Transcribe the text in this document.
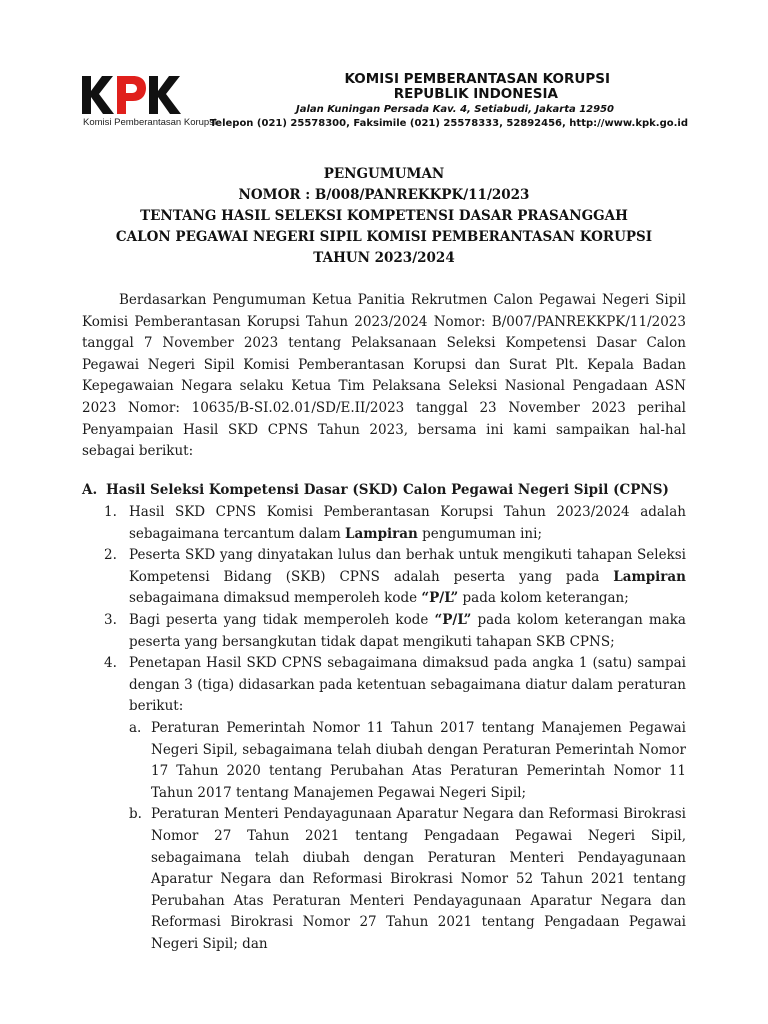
Komisi Pemberantasan Korupsi
KOMISI PEMBERANTASAN KORUPSI
REPUBLIK INDONESIA
Jalan Kuningan Persada Kav. 4, Setiabudi, Jakarta 12950
Telepon (021) 25578300, Faksimile (021) 25578333, 52892456, http://www.kpk.go.id
PENGUMUMAN
NOMOR : B/008/PANREKKPK/11/2023
TENTANG HASIL SELEKSI KOMPETENSI DASAR PRASANGGAH
CALON PEGAWAI NEGERI SIPIL KOMISI PEMBERANTASAN KORUPSI
TAHUN 2023/2024

Berdasarkan Pengumuman Ketua Panitia Rekrutmen Calon Pegawai Negeri Sipil Komisi Pemberantasan Korupsi Tahun 2023/2024 Nomor: B/007/PANREKKPK/11/2023 tanggal 7 November 2023 tentang Pelaksanaan Seleksi Kompetensi Dasar Calon Pegawai Negeri Sipil Komisi Pemberantasan Korupsi dan Surat Plt. Kepala Badan Kepegawaian Negara selaku Ketua Tim Pelaksana Seleksi Nasional Pengadaan ASN 2023 Nomor: 10635/B-SI.02.01/SD/E.II/2023 tanggal 23 November 2023 perihal Penyampaian Hasil SKD CPNS Tahun 2023, bersama ini kami sampaikan hal-hal sebagai berikut:

A. Hasil Seleksi Kompetensi Dasar (SKD) Calon Pegawai Negeri Sipil (CPNS)
1. Hasil SKD CPNS Komisi Pemberantasan Korupsi Tahun 2023/2024 adalah sebagaimana tercantum dalam Lampiran pengumuman ini;
2. Peserta SKD yang dinyatakan lulus dan berhak untuk mengikuti tahapan Seleksi Kompetensi Bidang (SKB) CPNS adalah peserta yang pada Lampiran sebagaimana dimaksud memperoleh kode “P/L” pada kolom keterangan;
3. Bagi peserta yang tidak memperoleh kode “P/L” pada kolom keterangan maka peserta yang bersangkutan tidak dapat mengikuti tahapan SKB CPNS;
4. Penetapan Hasil SKD CPNS sebagaimana dimaksud pada angka 1 (satu) sampai dengan 3 (tiga) didasarkan pada ketentuan sebagaimana diatur dalam peraturan berikut:
a. Peraturan Pemerintah Nomor 11 Tahun 2017 tentang Manajemen Pegawai Negeri Sipil, sebagaimana telah diubah dengan Peraturan Pemerintah Nomor 17 Tahun 2020 tentang Perubahan Atas Peraturan Pemerintah Nomor 11 Tahun 2017 tentang Manajemen Pegawai Negeri Sipil;
b. Peraturan Menteri Pendayagunaan Aparatur Negara dan Reformasi Birokrasi Nomor 27 Tahun 2021 tentang Pengadaan Pegawai Negeri Sipil, sebagaimana telah diubah dengan Peraturan Menteri Pendayagunaan Aparatur Negara dan Reformasi Birokrasi Nomor 52 Tahun 2021 tentang Perubahan Atas Peraturan Menteri Pendayagunaan Aparatur Negara dan Reformasi Birokrasi Nomor 27 Tahun 2021 tentang Pengadaan Pegawai Negeri Sipil; dan
